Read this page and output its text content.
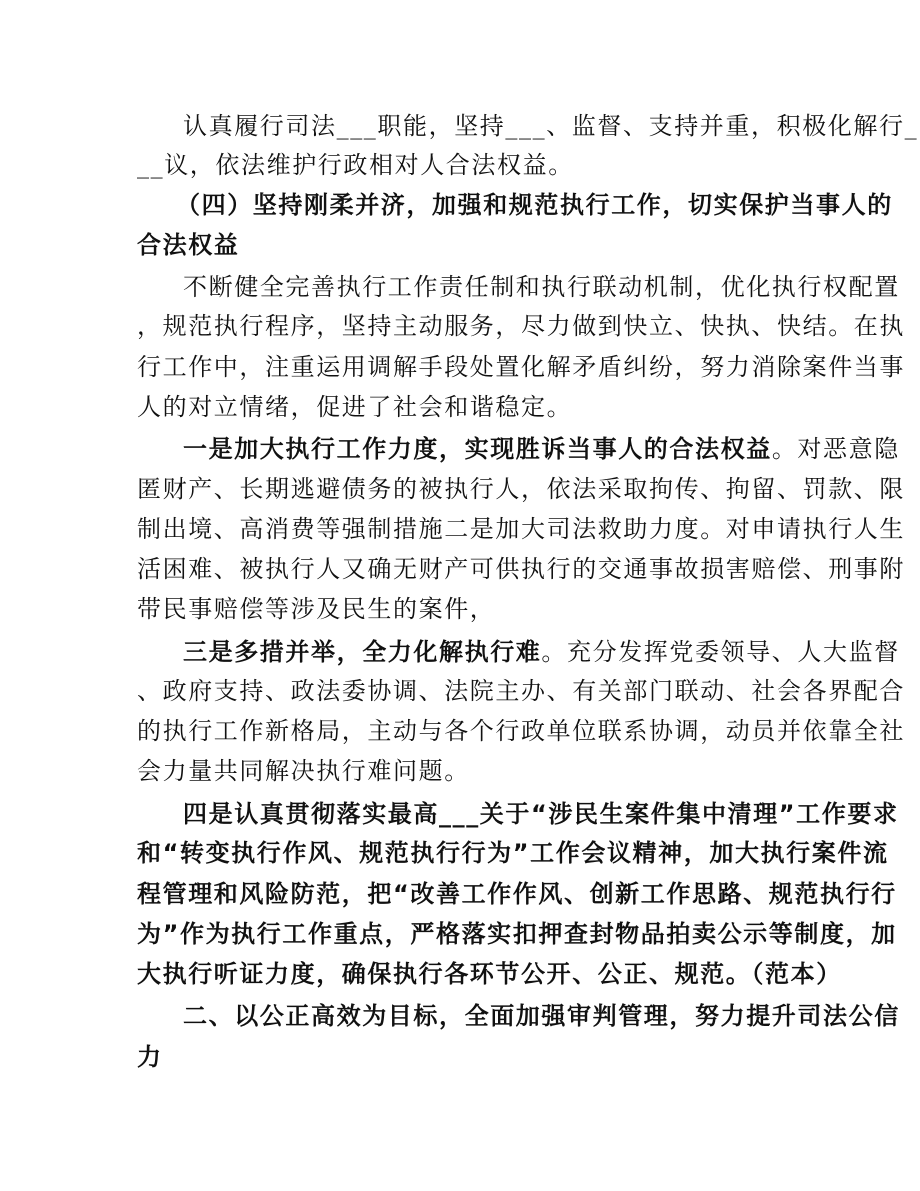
认真履行司法___职能，坚持___、监督、支持并重，积极化解行_
__议，依法维护行政相对人合法权益。
（四）坚持刚柔并济，加强和规范执行工作，切实保护当事人的
合法权益
不断健全完善执行工作责任制和执行联动机制，优化执行权配置
，规范执行程序，坚持主动服务，尽力做到快立、快执、快结。在执
行工作中，注重运用调解手段处置化解矛盾纠纷，努力消除案件当事
人的对立情绪，促进了社会和谐稳定。
一是加大执行工作力度，实现胜诉当事人的合法权益。对恶意隐
匿财产、长期逃避债务的被执行人，依法采取拘传、拘留、罚款、限
制出境、高消费等强制措施二是加大司法救助力度。对申请执行人生
活困难、被执行人又确无财产可供执行的交通事故损害赔偿、刑事附
带民事赔偿等涉及民生的案件，
三是多措并举，全力化解执行难。充分发挥党委领导、人大监督
、政府支持、政法委协调、法院主办、有关部门联动、社会各界配合
的执行工作新格局，主动与各个行政单位联系协调，动员并依靠全社
会力量共同解决执行难问题。
四是认真贯彻落实最高___关于“涉民生案件集中清理”工作要求
和“转变执行作风、规范执行行为”工作会议精神，加大执行案件流
程管理和风险防范，把“改善工作作风、创新工作思路、规范执行行
为”作为执行工作重点，严格落实扣押查封物品拍卖公示等制度，加
大执行听证力度，确保执行各环节公开、公正、规范。（范本）
二、以公正高效为目标，全面加强审判管理，努力提升司法公信
力
